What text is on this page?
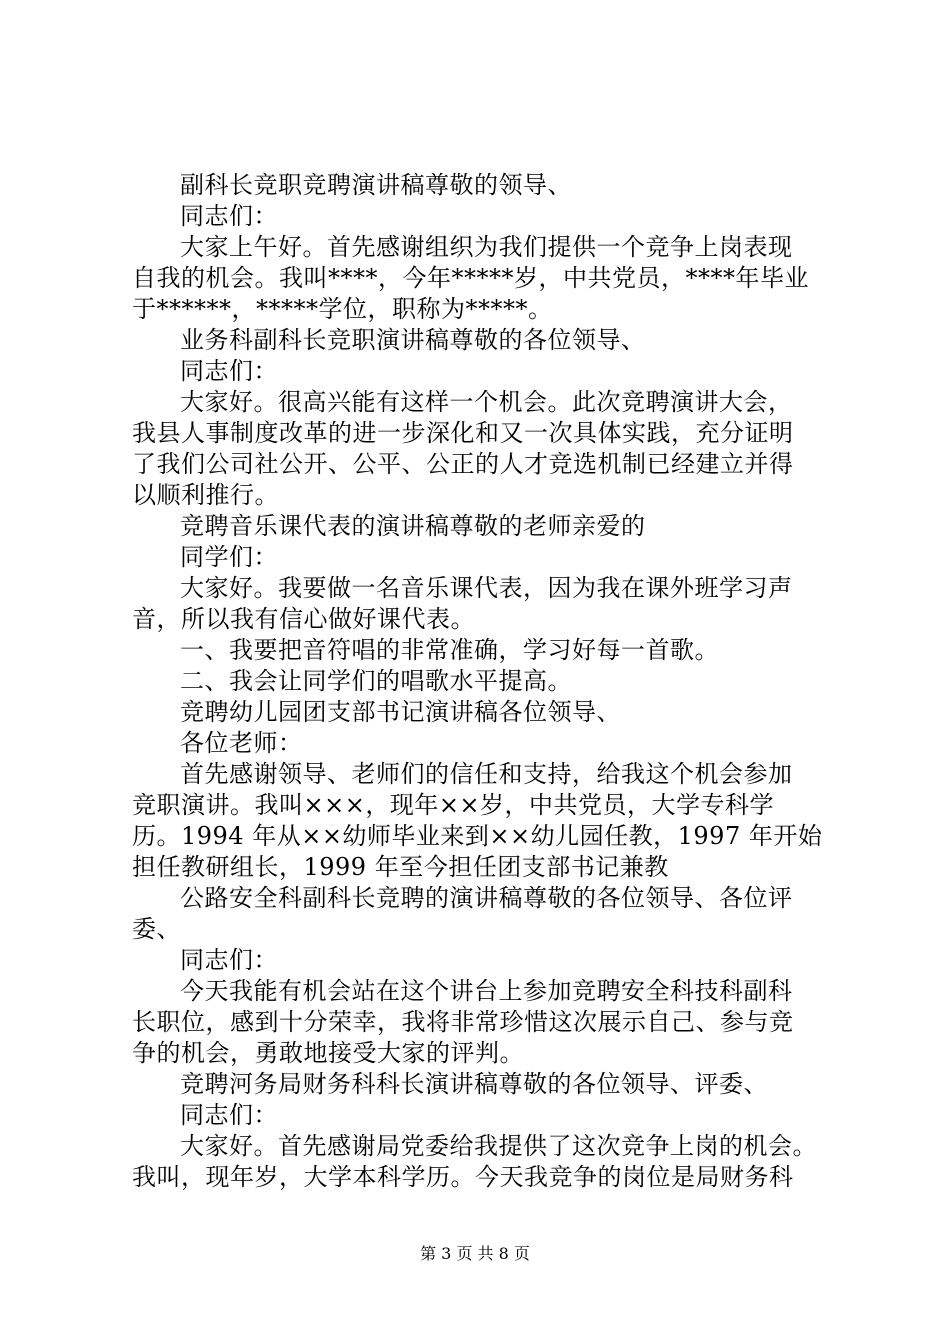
副科长竞职竞聘演讲稿尊敬的领导、
同志们：
大家上午好。首先感谢组织为我们提供一个竞争上岗表现
自我的机会。我叫****，今年*****岁，中共党员，****年毕业
于******，*****学位，职称为*****。
业务科副科长竞职演讲稿尊敬的各位领导、
同志们：
大家好。很高兴能有这样一个机会。此次竞聘演讲大会，
我县人事制度改革的进一步深化和又一次具体实践，充分证明
了我们公司社公开、公平、公正的人才竞选机制已经建立并得
以顺利推行。
竞聘音乐课代表的演讲稿尊敬的老师亲爱的
同学们：
大家好。我要做一名音乐课代表，因为我在课外班学习声
音，所以我有信心做好课代表。
一、我要把音符唱的非常准确，学习好每一首歌。
二、我会让同学们的唱歌水平提高。
竞聘幼儿园团支部书记演讲稿各位领导、
各位老师：
首先感谢领导、老师们的信任和支持，给我这个机会参加
竞职演讲。我叫×××，现年××岁，中共党员，大学专科学
历。1994 年从××幼师毕业来到××幼儿园任教，1997 年开始
担任教研组长，1999 年至今担任团支部书记兼教
公路安全科副科长竞聘的演讲稿尊敬的各位领导、各位评
委、
同志们：
今天我能有机会站在这个讲台上参加竞聘安全科技科副科
长职位，感到十分荣幸，我将非常珍惜这次展示自己、参与竞
争的机会，勇敢地接受大家的评判。
竞聘河务局财务科科长演讲稿尊敬的各位领导、评委、
同志们：
大家好。首先感谢局党委给我提供了这次竞争上岗的机会。
我叫，现年岁，大学本科学历。今天我竞争的岗位是局财务科
第 3 页 共 8 页
